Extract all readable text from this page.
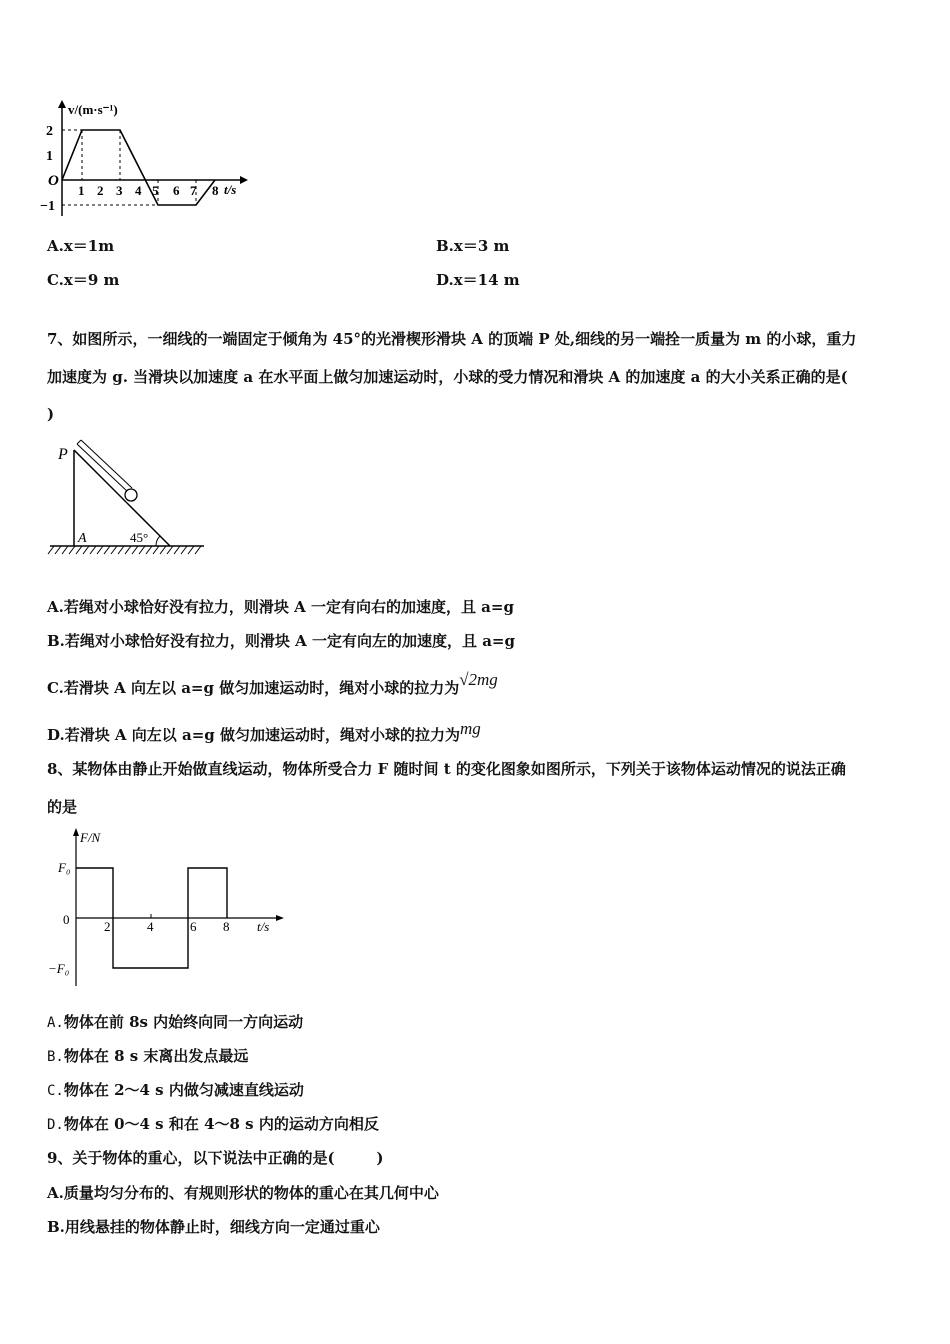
v/(m·s⁻¹)
2
1
O
−1
1 2 3 4 5 6 7 8 t/s
A.x＝1m	B.x＝3 m
C.x＝9 m	D.x＝14 m
7、如图所示，一细线的一端固定于倾角为 45°的光滑楔形滑块 A 的顶端 P 处,细线的另一端拴一质量为 m 的小球，重力
加速度为 g. 当滑块以加速度 a 在水平面上做匀加速运动时，小球的受力情况和滑块 A 的加速度 a 的大小关系正确的是(
)
P
A	45°
A.若绳对小球恰好没有拉力，则滑块 A 一定有向右的加速度，且 a=g
B.若绳对小球恰好没有拉力，则滑块 A 一定有向左的加速度，且 a=g
C.若滑块 A 向左以 a=g 做匀加速运动时，绳对小球的拉力为√2mg
D.若滑块 A 向左以 a=g 做匀加速运动时，绳对小球的拉力为mg
8、某物体由静止开始做直线运动，物体所受合力 F 随时间 t 的变化图象如图所示，下列关于该物体运动情况的说法正确
的是
F/N
F₀
0
−F₀
2	4	6 8 t/s
A.物体在前 8s 内始终向同一方向运动
B.物体在 8 s 末离出发点最远
C.物体在 2～4 s 内做匀减速直线运动
D.物体在 0～4 s 和在 4～8 s 内的运动方向相反
9、关于物体的重心，以下说法中正确的是(        )
A.质量均匀分布的、有规则形状的物体的重心在其几何中心
B.用线悬挂的物体静止时，细线方向一定通过重心
